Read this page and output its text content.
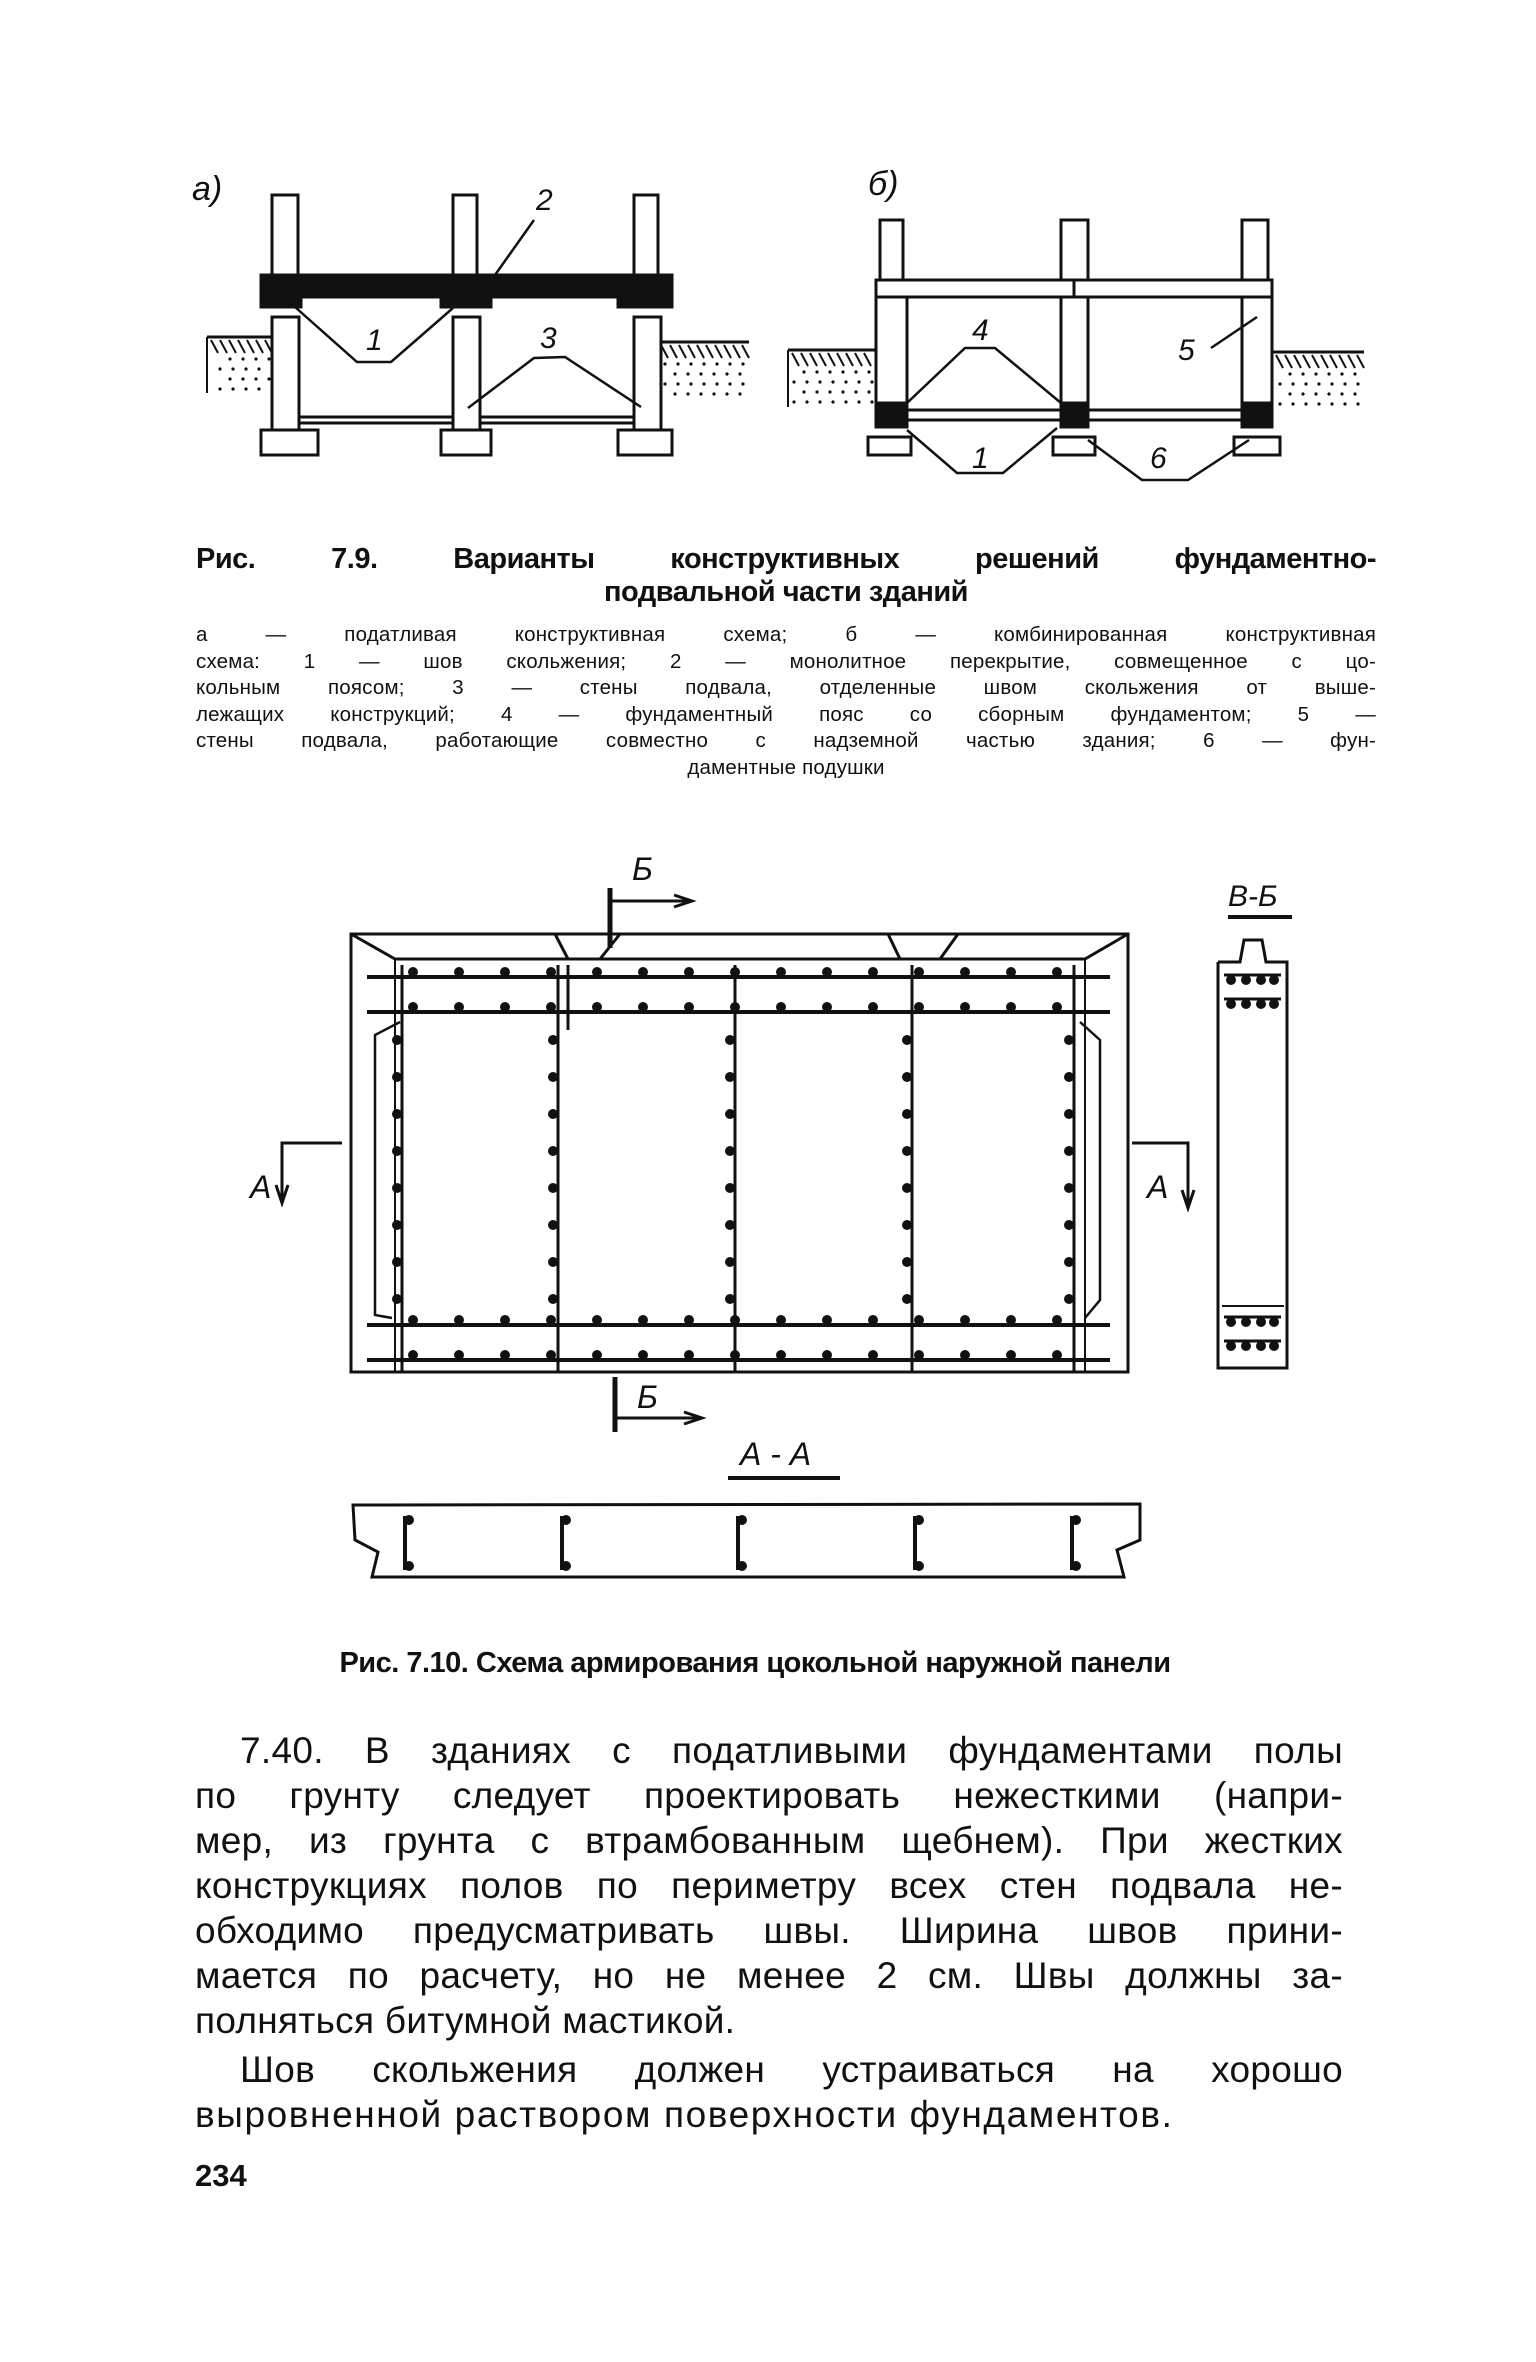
а)
1
2
3
б)
4
5
1	6
Рис. 7.9. Варианты конструктивных решений фундаментно-
подвальной части зданий
а — податливая конструктивная схема; б — комбинированная конструктивная
схема: 1 — шов скольжения; 2 — монолитное перекрытие, совмещенное с цо-
кольным поясом; 3 — стены подвала, отделенные швом скольжения от выше-
лежащих конструкций; 4 — фундаментный пояс со сборным фундаментом; 5 —
стены подвала, работающие совместно с надземной частью здания; 6 — фун-
даментные подушки
Б
Б
А	А
В-Б
А - А
Рис. 7.10. Схема армирования цокольной наружной панели
7.40. В зданиях с податливыми фундаментами полы
по грунту следует проектировать нежесткими (напри-
мер, из грунта с втрамбованным щебнем). При жестких
конструкциях полов по периметру всех стен подвала не-
обходимо предусматривать швы. Ширина швов прини-
мается по расчету, но не менее 2 см. Швы должны за-
полняться битумной мастикой.
Шов скольжения должен устраиваться на хорошо
выровненной раствором поверхности фундаментов.
234
